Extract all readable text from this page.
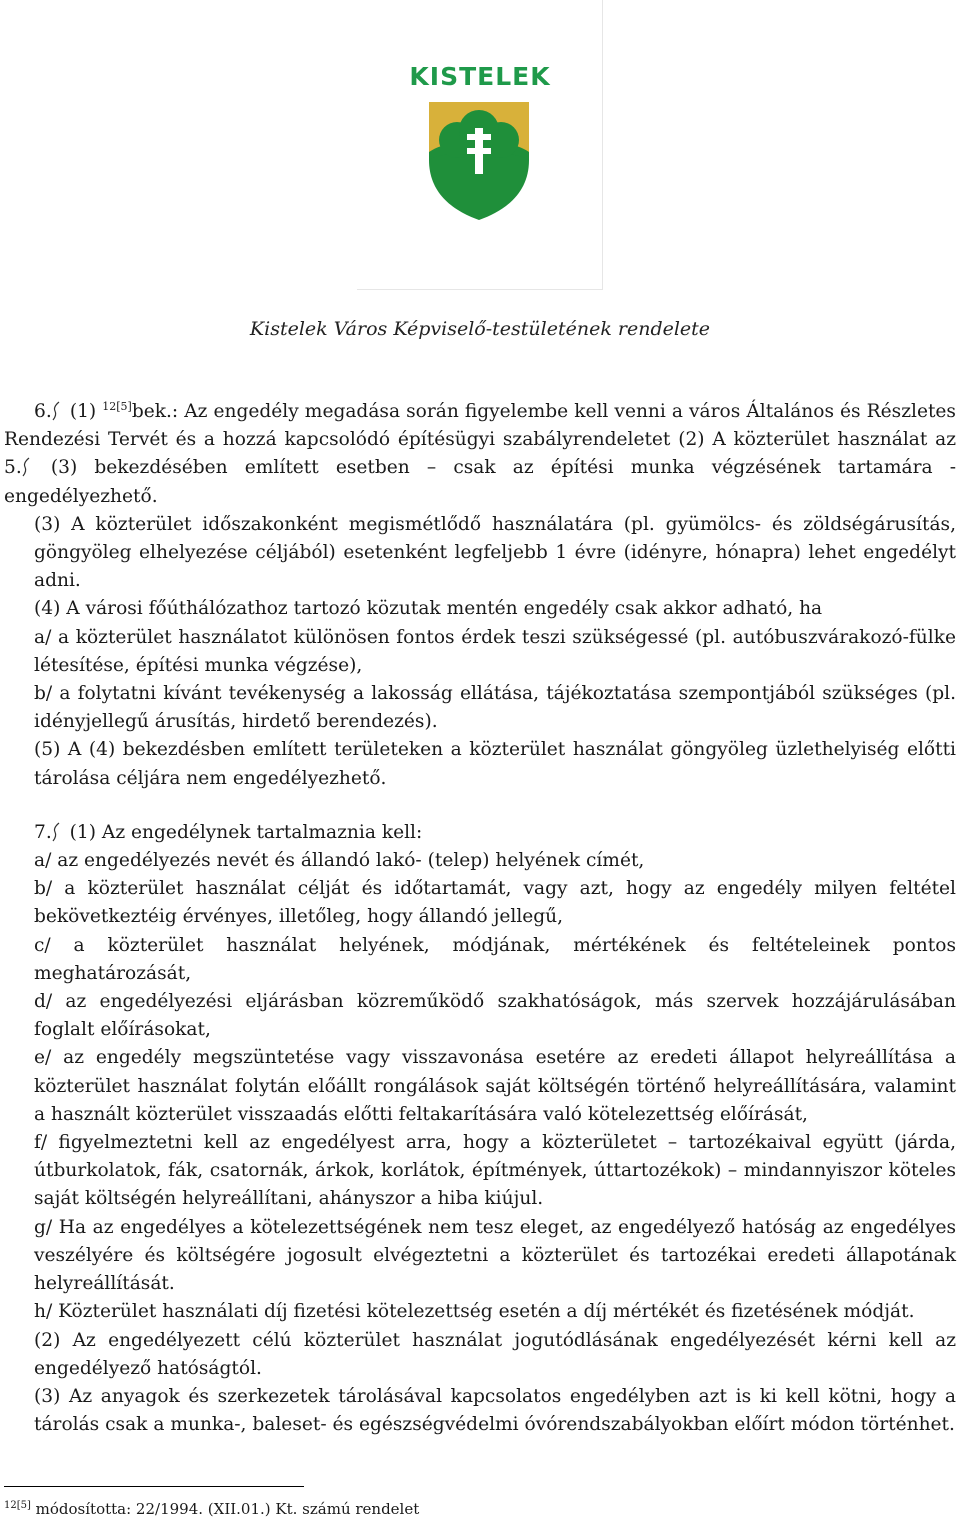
KISTELEK
Kistelek Város Képviselő-testületének rendelete

6. (1) $^{12[5]}$bek.: Az engedély megadása során figyelembe kell venni a város Általános és Részletes Rendezési Tervét és a hozzá kapcsolódó építésügyi szabályrendeletet (2) A közterület használat az 5. (3) bekezdésében említett esetben – csak az építési munka végzésének tartamára - engedélyezhető.

(3) A közterület időszakonként megismétlődő használatára (pl. gyümölcs- és zöldségárusítás, göngyöleg elhelyezése céljából) esetenként legfeljebb 1 évre (idényre, hónapra) lehet engedélyt adni.

(4) A városi főúthálózathoz tartozó közutak mentén engedély csak akkor adható, ha

a/ a közterület használatot különösen fontos érdek teszi szükségessé (pl. autóbuszvárakozó-fülke létesítése, építési munka végzése),

b/ a folytatni kívánt tevékenység a lakosság ellátása, tájékoztatása szempontjából szükséges (pl. idényjellegű árusítás, hirdető berendezés).

(5) A (4) bekezdésben említett területeken a közterület használat göngyöleg üzlethelyiség előtti tárolása céljára nem engedélyezhető.

7. (1) Az engedélynek tartalmaznia kell:

a/ az engedélyezés nevét és állandó lakó- (telep) helyének címét,

b/ a közterület használat célját és időtartamát, vagy azt, hogy az engedély milyen feltétel bekövetkeztéig érvényes, illetőleg, hogy állandó jellegű,

c/ a közterület használat helyének, módjának, mértékének és feltételeinek pontos meghatározását,

d/ az engedélyezési eljárásban közreműködő szakhatóságok, más szervek hozzájárulásában foglalt előírásokat,

e/ az engedély megszüntetése vagy visszavonása esetére az eredeti állapot helyreállítása a közterület használat folytán előállt rongálások saját költségén történő helyreállítására, valamint a használt közterület visszaadás előtti feltakarítására való kötelezettség előírását,

f/ figyelmeztetni kell az engedélyest arra, hogy a közterületet – tartozékaival együtt (járda, útburkolatok, fák, csatornák, árkok, korlátok, építmények, úttartozékok) – mindannyiszor köteles saját költségén helyreállítani, ahányszor a hiba kiújul.

g/ Ha az engedélyes a kötelezettségének nem tesz eleget, az engedélyező hatóság az engedélyes veszélyére és költségére jogosult elvégeztetni a közterület és tartozékai eredeti állapotának helyreállítását.

h/ Közterület használati díj fizetési kötelezettség esetén a díj mértékét és fizetésének módját.

(2) Az engedélyezett célú közterület használat jogutódlásának engedélyezését kérni kell az engedélyező hatóságtól.

(3) Az anyagok és szerkezetek tárolásával kapcsolatos engedélyben azt is ki kell kötni, hogy a tárolás csak a munka-, baleset- és egészségvédelmi óvórendszabályokban előírt módon történhet.

$^{12[5]}$ módosította: 22/1994. (XII.01.) Kt. számú rendelet
